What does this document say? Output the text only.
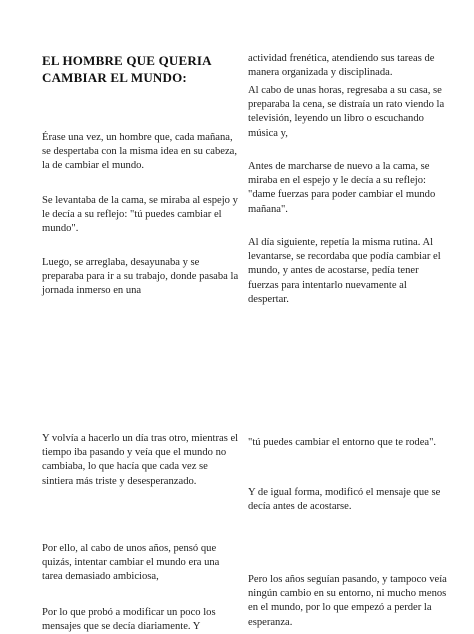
EL HOMBRE QUE QUERIA CAMBIAR EL MUNDO:
Érase una vez, un hombre que, cada mañana, se despertaba con la misma idea en su cabeza, la de cambiar el mundo.
Se levantaba de la cama, se miraba al espejo y le decía a su reflejo: "tú puedes cambiar el mundo".
Luego, se arreglaba, desayunaba y se preparaba para ir a su trabajo, donde pasaba la jornada inmerso en una
Y volvía a hacerlo un día tras otro, mientras el tiempo iba pasando y veía que el mundo no cambiaba, lo que hacía que cada vez se sintiera más triste y desesperanzado.
Por ello, al cabo de unos años, pensó que quizás, intentar cambiar el mundo era una tarea demasiado ambiciosa,
Por lo que probó a modificar un poco los mensajes que se decía diariamente. Y
actividad frenética, atendiendo sus tareas de manera organizada y disciplinada.
Al cabo de unas horas, regresaba a su casa, se preparaba la cena, se distraía un rato viendo la televisión, leyendo un libro o escuchando música y,
Antes de marcharse de nuevo a la cama, se miraba en el espejo y le decía a su reflejo: "dame fuerzas para poder cambiar el mundo mañana".
Al día siguiente, repetía la misma rutina. Al levantarse, se recordaba que podía cambiar el mundo, y antes de acostarse, pedía tener fuerzas para intentarlo nuevamente al despertar.
"tú puedes cambiar el entorno que te rodea".
Y de igual forma, modificó el mensaje que se decía antes de acostarse.
Pero los años seguían pasando, y tampoco veía ningún cambio en su entorno, ni mucho menos en el mundo, por lo que empezó a perder la esperanza.
